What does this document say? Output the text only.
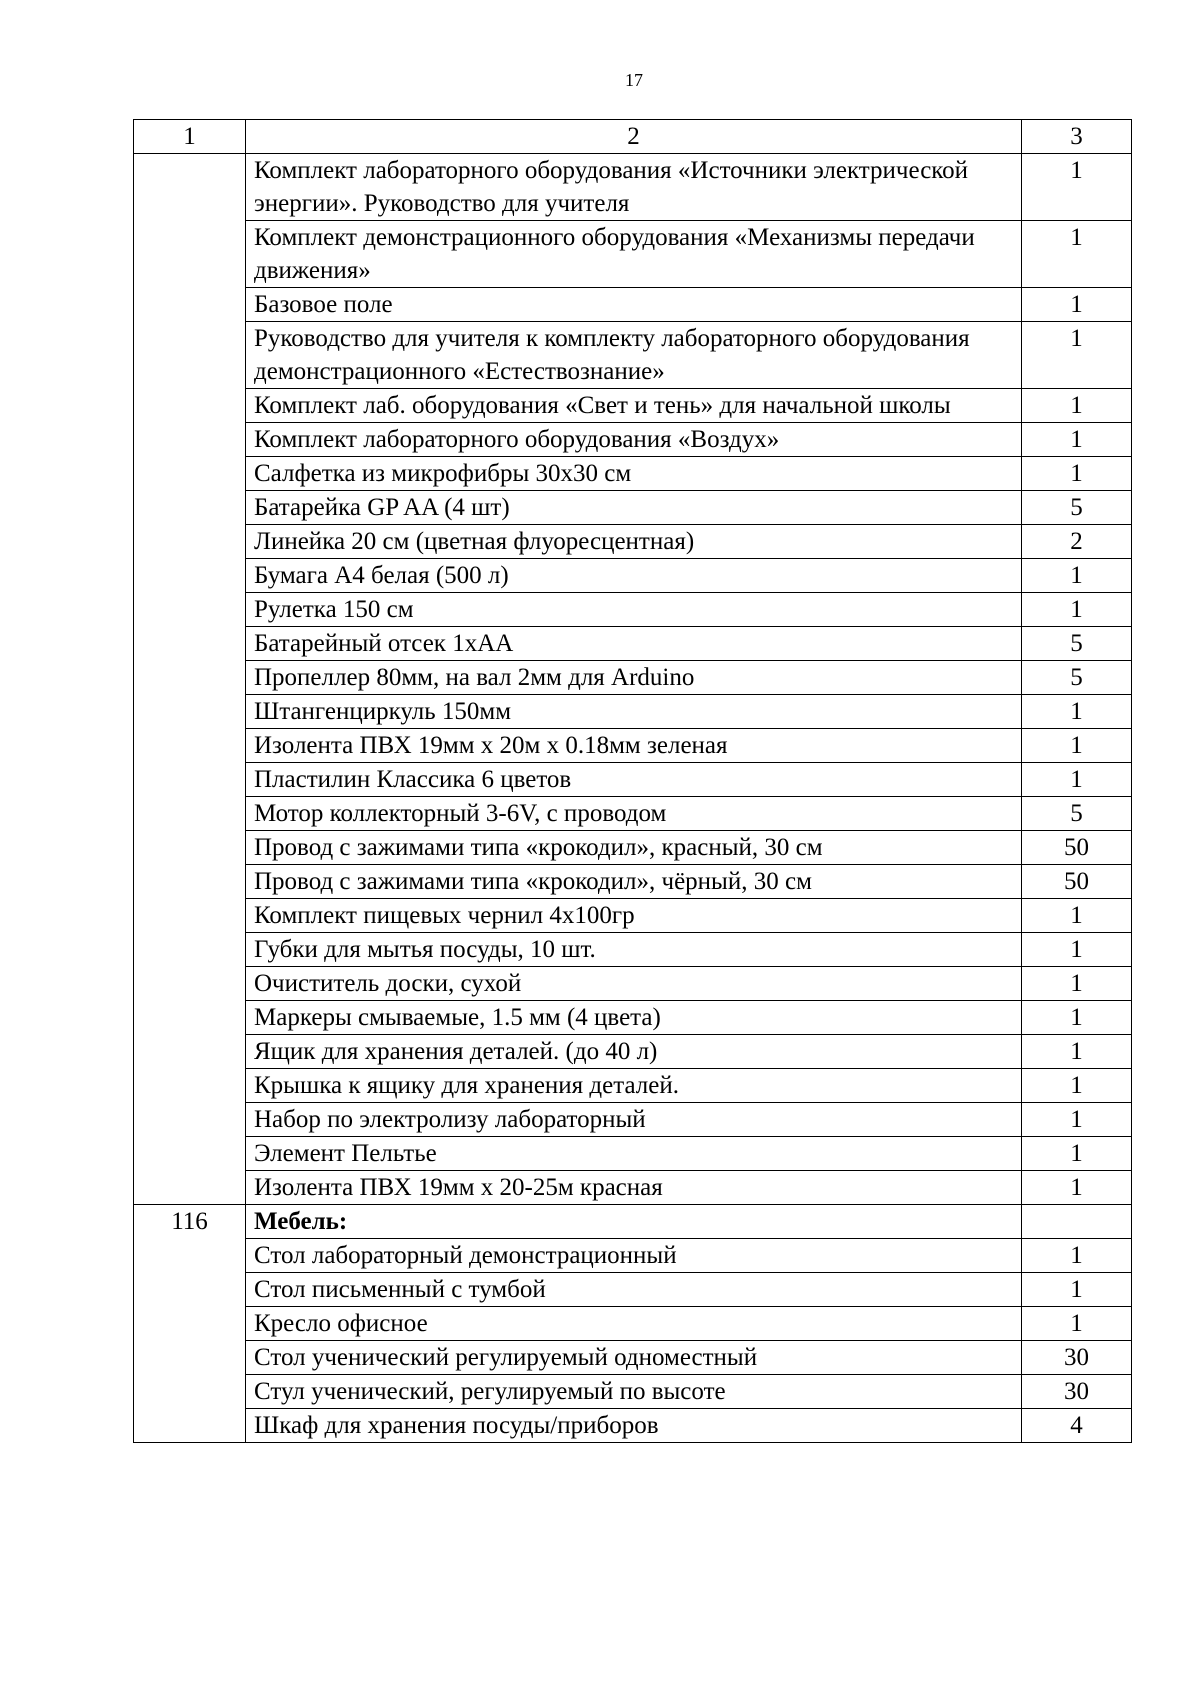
17
1	2	3
	Комплект лабораторного оборудования «Источники электрической энергии». Руководство для учителя	1
	Комплект демонстрационного оборудования «Механизмы передачи движения»	1
	Базовое поле	1
	Руководство для учителя к комплекту лабораторного оборудования демонстрационного «Естествознание»	1
	Комплект лаб. оборудования «Свет и тень» для начальной школы	1
	Комплект лабораторного оборудования «Воздух»	1
	Салфетка из микрофибры 30x30 см	1
	Батарейка GP AA (4 шт)	5
	Линейка 20 см (цветная флуоресцентная)	2
	Бумага А4 белая (500 л)	1
	Рулетка 150 см	1
	Батарейный отсек 1хАА	5
	Пропеллер 80мм, на вал 2мм для Arduino	5
	Штангенциркуль 150мм	1
	Изолента ПВХ 19мм х 20м х 0.18мм зеленая	1
	Пластилин Классика 6 цветов	1
	Мотор коллекторный 3-6V, с проводом	5
	Провод с зажимами типа «крокодил», красный, 30 см	50
	Провод с зажимами типа «крокодил», чёрный, 30 см	50
	Комплект пищевых чернил 4x100гр	1
	Губки для мытья посуды, 10 шт.	1
	Очиститель доски, сухой	1
	Маркеры смываемые, 1.5 мм (4 цвета)	1
	Ящик для хранения деталей. (до 40 л)	1
	Крышка к ящику для хранения деталей.	1
	Набор по электролизу лабораторный	1
	Элемент Пельтье	1
	Изолента ПВХ 19мм х 20-25м красная	1
116	Мебель:	
	Стол лабораторный демонстрационный	1
	Стол письменный с тумбой	1
	Кресло офисное	1
	Стол ученический регулируемый одноместный	30
	Стул ученический, регулируемый по высоте	30
	Шкаф для хранения посуды/приборов	4
